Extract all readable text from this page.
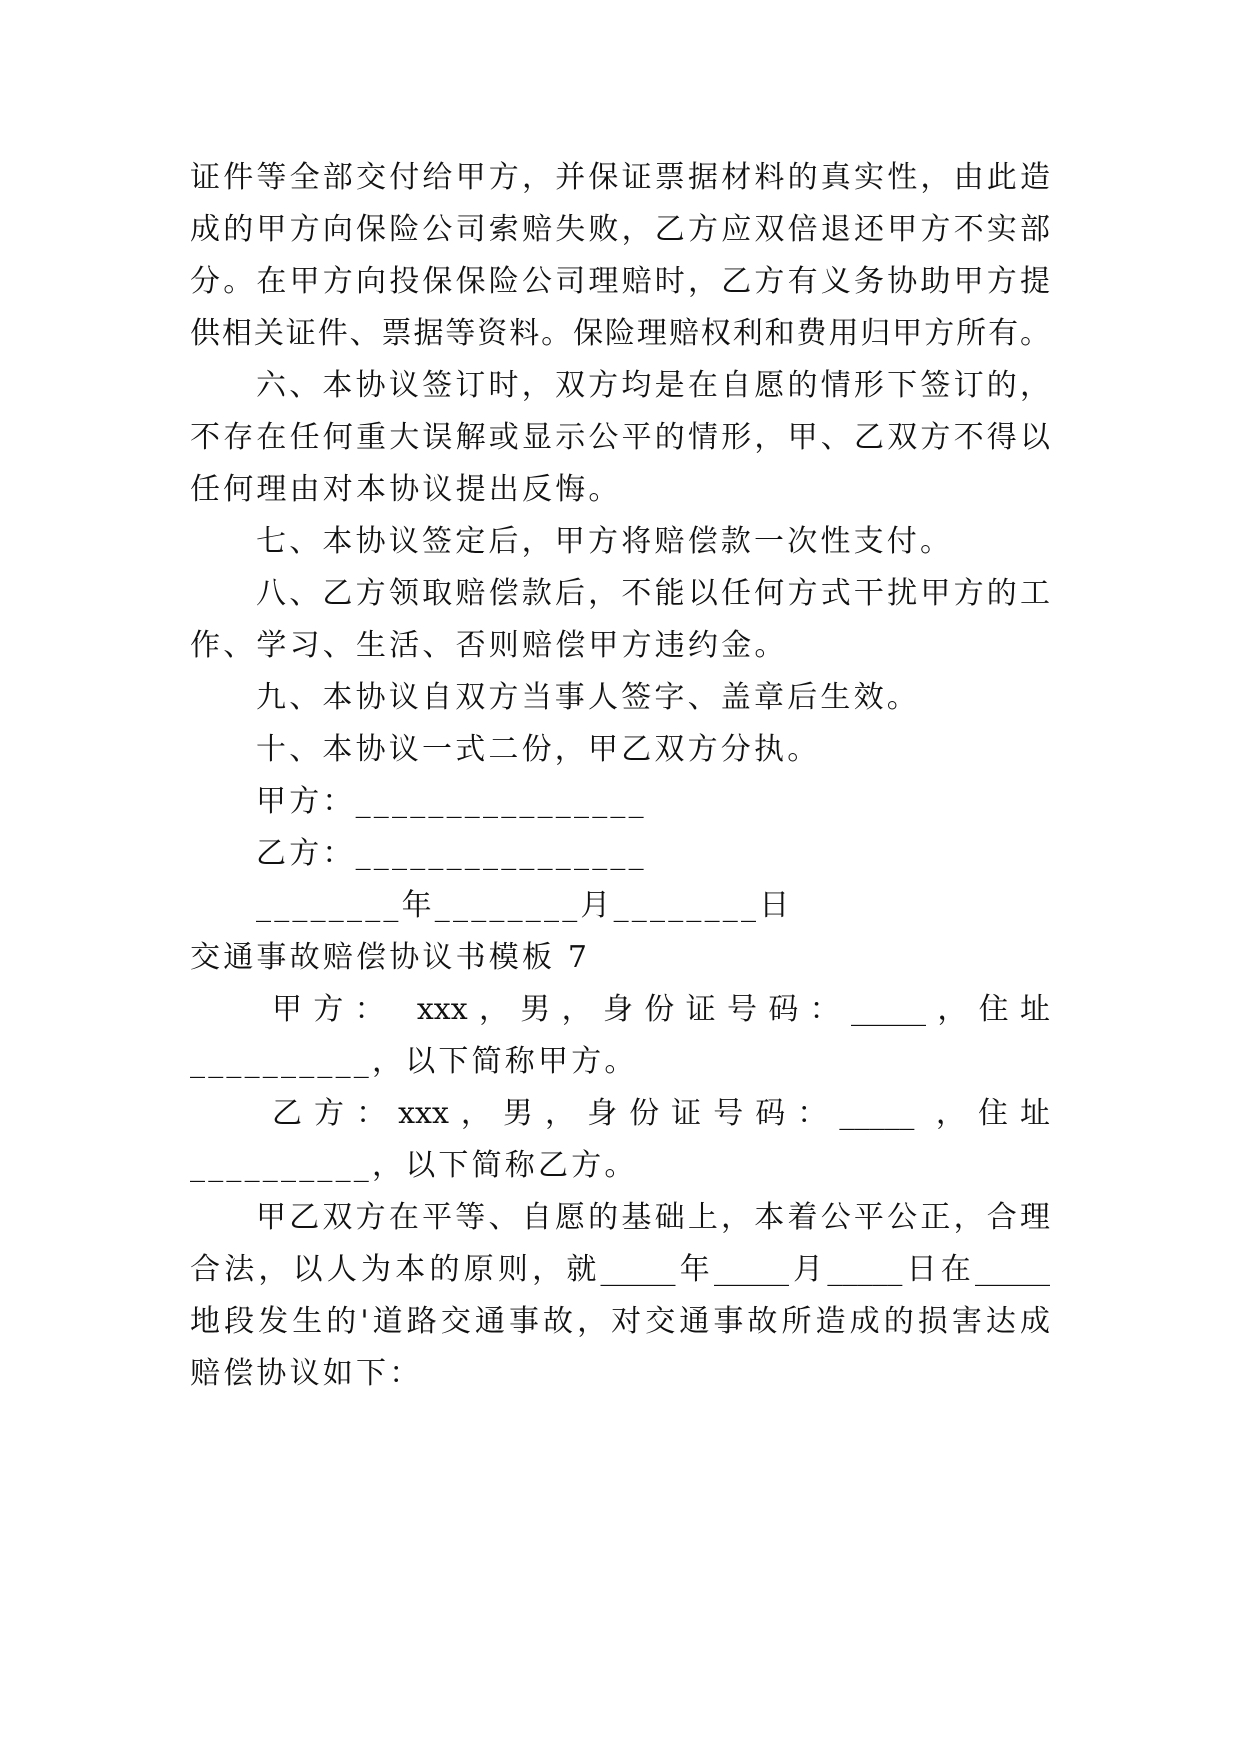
证件等全部交付给甲方，并保证票据材料的真实性，由此造
成的甲方向保险公司索赔失败，乙方应双倍退还甲方不实部
分。在甲方向投保保险公司理赔时，乙方有义务协助甲方提
供相关证件、票据等资料。保险理赔权利和费用归甲方所有。
六、本协议签订时，双方均是在自愿的情形下签订的，
不存在任何重大误解或显示公平的情形，甲、乙双方不得以
任何理由对本协议提出反悔。
七、本协议签定后，甲方将赔偿款一次性支付。
八、乙方领取赔偿款后，不能以任何方式干扰甲方的工
作、学习、生活、否则赔偿甲方违约金。
九、本协议自双方当事人签字、盖章后生效。
十、本协议一式二份，甲乙双方分执。
甲方：________________
乙方：________________
________年________月________日
交通事故赔偿协议书模板 7
甲方： xxx，男，身份证号码：_____，住址
__________，以下简称甲方。
乙方：xxx，男，身份证号码：_____ ，住址
__________，以下简称乙方。
甲乙双方在平等、自愿的基础上，本着公平公正，合理
合法，以人为本的原则，就_____年_____月_____日在_____
地段发生的'道路交通事故，对交通事故所造成的损害达成
赔偿协议如下：
